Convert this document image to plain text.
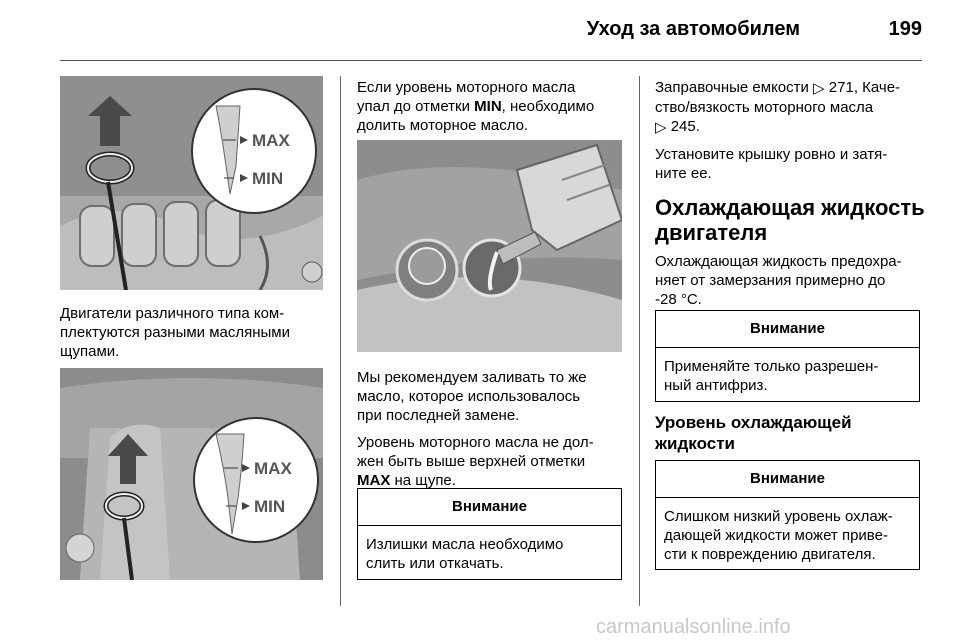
Уход за автомобилем	199
MAX
MIN
Двигатели различного типа ком-
плектуются разными масляными
щупами.
MAX
MIN
Если уровень моторного масла
упал до отметки MIN, необходимо
долить моторное масло.

Мы рекомендуем заливать то же
масло, которое использовалось
при последней замене.

Уровень моторного масла не дол-
жен быть выше верхней отметки
MAX на щупе.

Внимание
Излишки масла необходимо
слить или откачать.

Заправочные емкости ▷ 271, Каче-
ство/вязкость моторного масла
▷ 245.

Установите крышку ровно и затя-
ните ее.

Охлаждающая жидкость
двигателя
Охлаждающая жидкость предохра-
няет от замерзания примерно до
-28 °C.
Внимание
Применяйте только разрешен-
ный антифриз.
Уровень охлаждающей
жидкости
Внимание
Слишком низкий уровень охлаж-
дающей жидкости может приве-
сти к повреждению двигателя.
carmanualsonline.info
